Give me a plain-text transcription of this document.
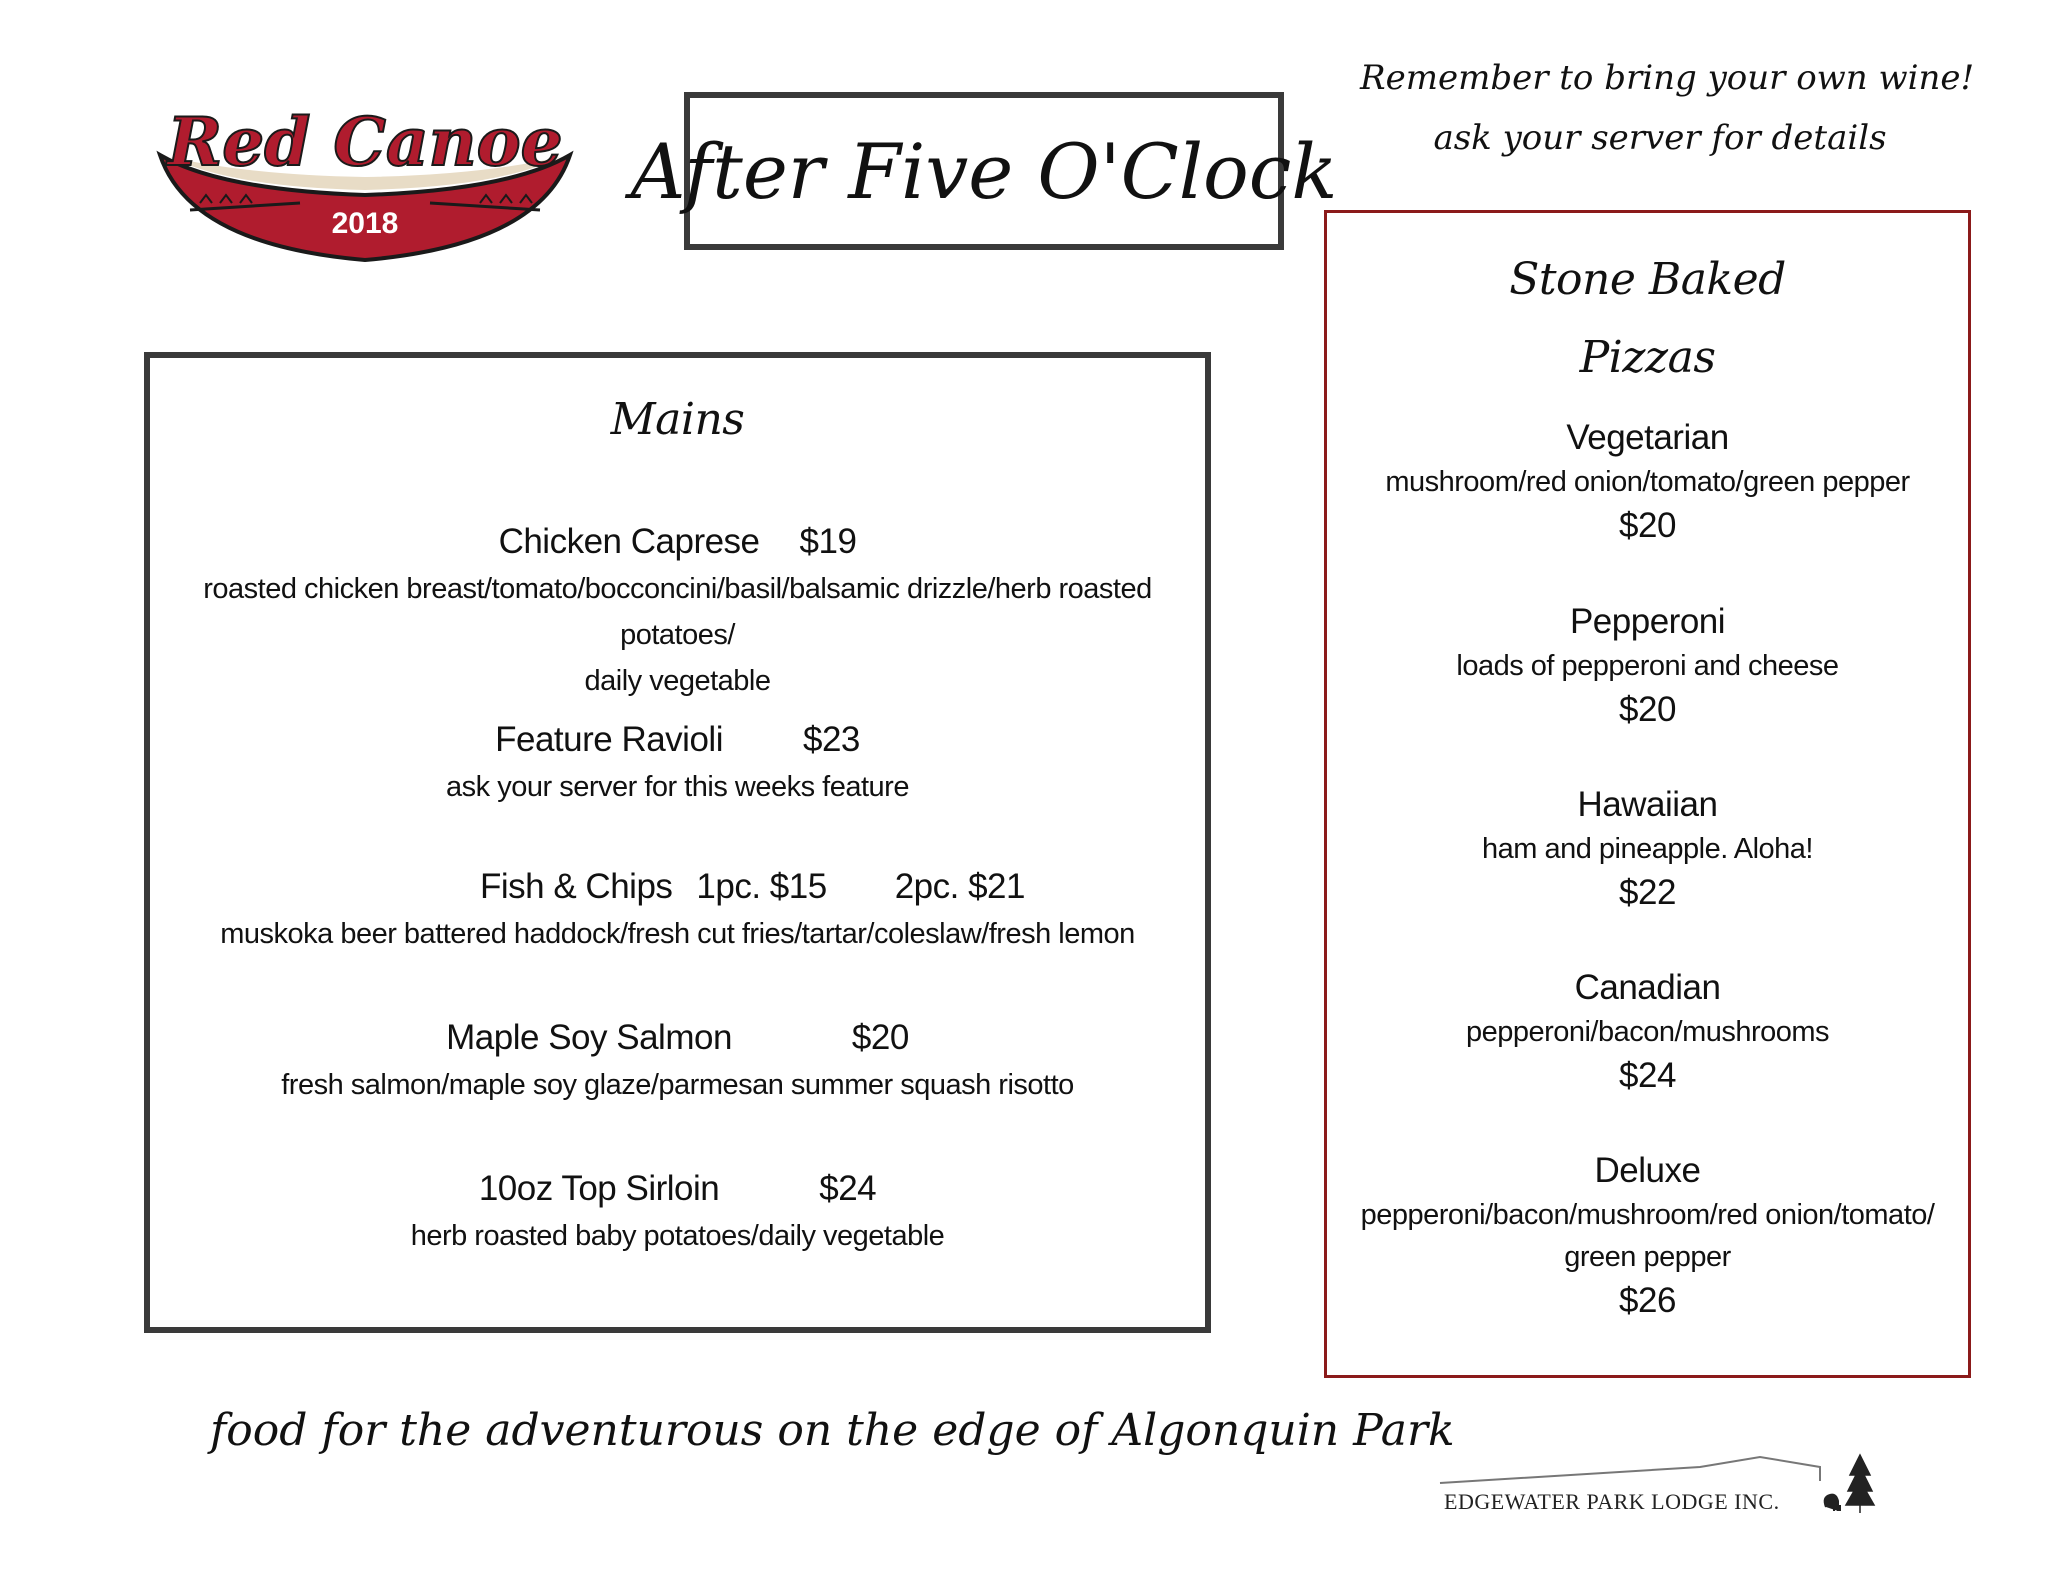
Red Canoe
2018
After Five O'Clock
Remember to bring your own wine!
ask your server for details
Mains
Chicken Caprese $19
roasted chicken breast/tomato/bocconcini/basil/balsamic drizzle/herb roasted potatoes/
daily vegetable
Feature Ravioli $23
ask your server for this weeks feature
Fish & Chips 1pc. $15 2pc. $21
muskoka beer battered haddock/fresh cut fries/tartar/coleslaw/fresh lemon
Maple Soy Salmon	$20
fresh salmon/maple soy glaze/parmesan summer squash risotto
10oz Top Sirloin	$24
herb roasted baby potatoes/daily vegetable
Stone Baked
Pizzas
Vegetarian
mushroom/red onion/tomato/green pepper
$20
Pepperoni
loads of pepperoni and cheese
$20
Hawaiian
ham and pineapple. Aloha!
$22
Canadian
pepperoni/bacon/mushrooms
$24
Deluxe
pepperoni/bacon/mushroom/red onion/tomato/
green pepper
$26
food for the adventurous on the edge of Algonquin Park
EDGEWATER PARK LODGE INC.
